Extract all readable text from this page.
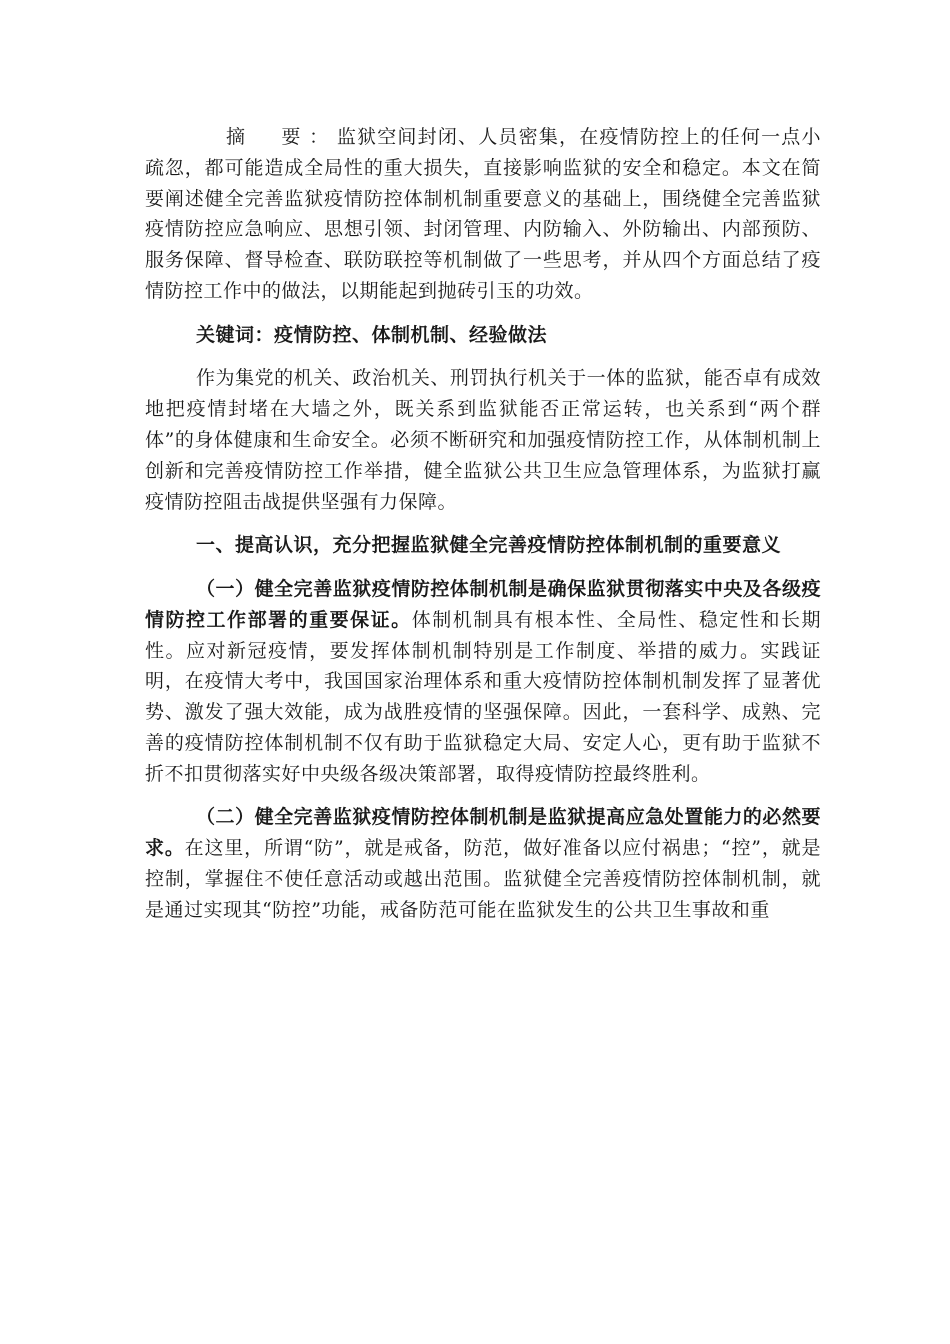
摘　要：监狱空间封闭、人员密集，在疫情防控上的任何一点小疏忽，都可能造成全局性的重大损失，直接影响监狱的安全和稳定。本文在简要阐述健全完善监狱疫情防控体制机制重要意义的基础上，围绕健全完善监狱疫情防控应急响应、思想引领、封闭管理、内防输入、外防输出、内部预防、服务保障、督导检查、联防联控等机制做了一些思考，并从四个方面总结了疫情防控工作中的做法，以期能起到抛砖引玉的功效。

关键词：疫情防控、体制机制、经验做法

作为集党的机关、政治机关、刑罚执行机关于一体的监狱，能否卓有成效地把疫情封堵在大墙之外，既关系到监狱能否正常运转，也关系到“两个群体”的身体健康和生命安全。必须不断研究和加强疫情防控工作，从体制机制上创新和完善疫情防控工作举措，健全监狱公共卫生应急管理体系，为监狱打赢疫情防控阻击战提供坚强有力保障。

一、提高认识，充分把握监狱健全完善疫情防控体制机制的重要意义

（一）健全完善监狱疫情防控体制机制是确保监狱贯彻落实中央及各级疫情防控工作部署的重要保证。体制机制具有根本性、全局性、稳定性和长期性。应对新冠疫情，要发挥体制机制特别是工作制度、举措的威力。实践证明，在疫情大考中，我国国家治理体系和重大疫情防控体制机制发挥了显著优势、激发了强大效能，成为战胜疫情的坚强保障。因此，一套科学、成熟、完善的疫情防控体制机制不仅有助于监狱稳定大局、安定人心，更有助于监狱不折不扣贯彻落实好中央级各级决策部署，取得疫情防控最终胜利。

（二）健全完善监狱疫情防控体制机制是监狱提高应急处置能力的必然要求。在这里，所谓“防”，就是戒备，防范，做好准备以应付祸患；“控”，就是控制，掌握住不使任意活动或越出范围。监狱健全完善疫情防控体制机制，就是通过实现其“防控”功能，戒备防范可能在监狱发生的公共卫生事故和重
